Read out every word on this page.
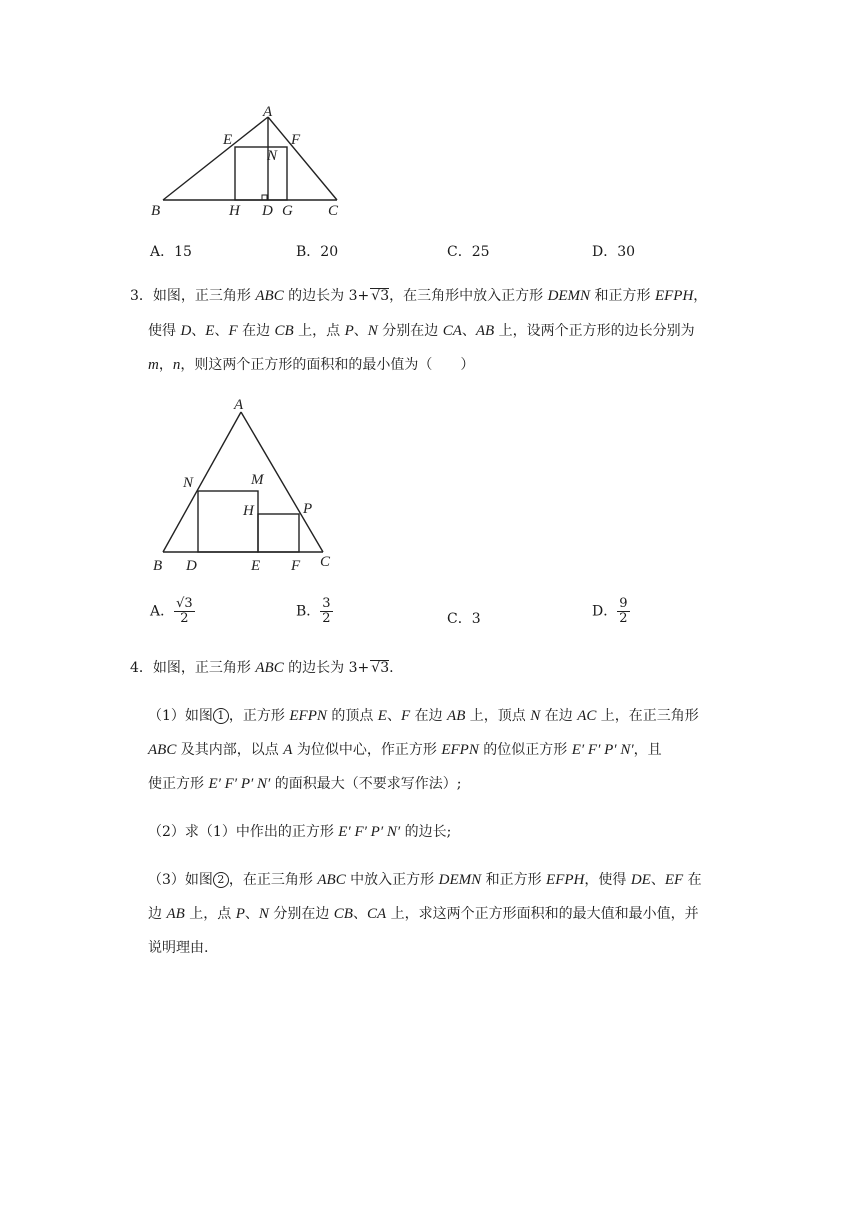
A
E	F
N
B	H D G C
A．15	B．20	C．25	D．30
3．如图，正三角形 ABC 的边长为 3+ √3，在三角形中放入正方形 DEMN 和正方形 EFPH，
使得 D、E、F 在边 CB 上，点 P、N 分别在边 CA、AB 上，设两个正方形的边长分别为
m，n，则这两个正方形的面积和的最小值为（　　）
A
N	M
H	P
B D	E F C
A． $\frac{√3}{2}$	B． $\frac{3}{2}$	C．3	D． $\frac{9}{2}$
4．如图，正三角形 ABC 的边长为 3+ √3.
（1）如图 1 ，正方形 EFPN 的顶点 E、F 在边 AB 上，顶点 N 在边 AC 上，在正三角形
ABC 及其内部，以点 A 为位似中心，作正方形 EFPN 的位似正方形 E′ F′ P′ N′，且
使正方形 E′ F′ P′ N′ 的面积最大（不要求写作法）;
（2）求（1）中作出的正方形 E′ F′ P′ N′ 的边长;
（3）如图 2 ，在正三角形 ABC 中放入正方形 DEMN 和正方形 EFPH，使得 DE、EF 在
边 AB 上，点 P、N 分别在边 CB、CA 上，求这两个正方形面积和的最大值和最小值，并
说明理由.
